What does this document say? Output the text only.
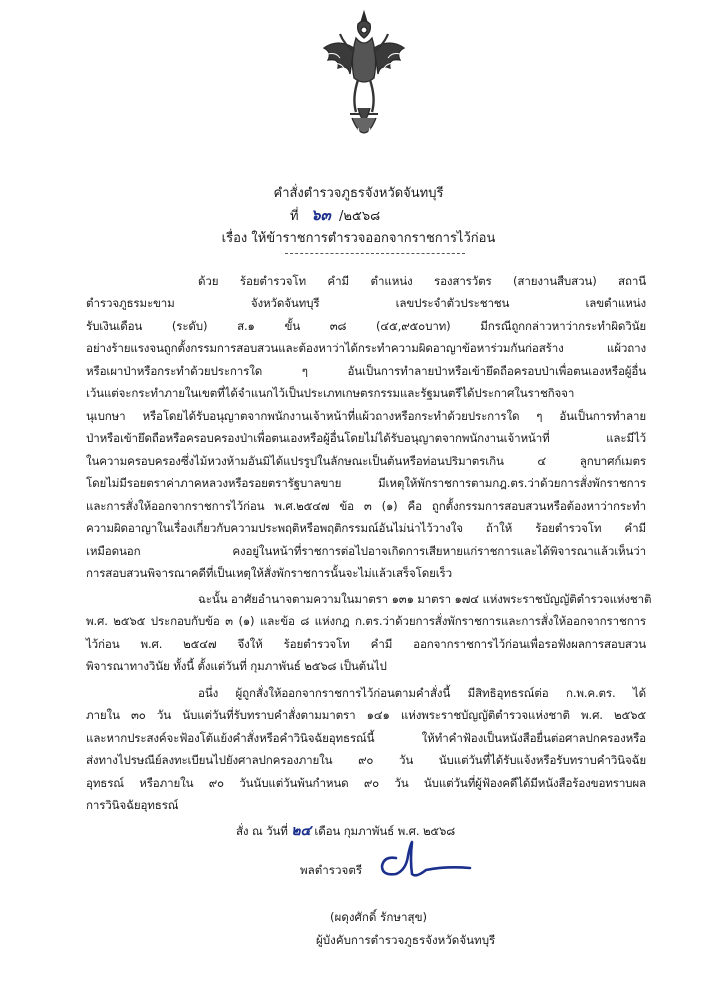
คำสั่งตำรวจภูธรจังหวัดจันทบุรี
ที่ ๖๓ /๒๕๖๘
เรื่อง ให้ข้าราชการตำรวจออกจากราชการไว้ก่อน
ด้วย ร้อยตำรวจโท คำมี ตำแหน่ง รองสารวัตร (สายงานสืบสวน) สถานี
ตำรวจภูธรมะขาม จังหวัดจันทบุรี เลขประจำตัวประชาชน เลขตำแหน่ง
รับเงินเดือน (ระดับ) ส.๑ ขั้น ๓๘ (๔๕,๙๕๐บาท) มีกรณีถูกกล่าวหาว่ากระทำผิดวินัย
อย่างร้ายแรงจนถูกตั้งกรรมการสอบสวนและต้องหาว่าได้กระทำความผิดอาญาข้อหาร่วมกันก่อสร้าง แผ้วถาง
หรือเผาป่าหรือกระทำด้วยประการใด ๆ อันเป็นการทำลายป่าหรือเข้ายึดถือครอบป่าเพื่อตนเองหรือผู้อื่น
เว้นแต่จะกระทำภายในเขตที่ได้จำแนกไว้เป็นประเภทเกษตรกรรมและรัฐมนตรีได้ประกาศในราชกิจจา
นุเบกษา หรือโดยได้รับอนุญาตจากพนักงานเจ้าหน้าที่แผ้วถางหรือกระทำด้วยประการใด ๆ อันเป็นการทำลาย
ป่าหรือเข้ายึดถือหรือครอบครองป่าเพื่อตนเองหรือผู้อื่นโดยไม่ได้รับอนุญาตจากพนักงานเจ้าหน้าที่ และมีไว้
ในความครอบครองซึ่งไม้หวงห้ามอันมิได้แปรรูปในลักษณะเป็นต้นหรือท่อนปริมาตรเกิน ๔ ลูกบาศก์เมตร
โดยไม่มีรอยตราค่าภาคหลวงหรือรอยตรารัฐบาลขาย มีเหตุให้พักราชการตามกฎ.ตร.ว่าด้วยการสั่งพักราชการ
และการสั่งให้ออกจากราชการไว้ก่อน พ.ศ.๒๕๔๗ ข้อ ๓ (๑) คือ ถูกตั้งกรรมการสอบสวนหรือต้องหาว่ากระทำ
ความผิดอาญาในเรื่องเกี่ยวกับความประพฤติหรือพฤติกรรมณ์อันไม่น่าไว้วางใจ ถ้าให้ ร้อยตำรวจโท คำมี
เหมือดนอก คงอยู่ในหน้าที่ราชการต่อไปอาจเกิดการเสียหายแก่ราชการและได้พิจารณาแล้วเห็นว่า
การสอบสวนพิจารณาคดีที่เป็นเหตุให้สั่งพักราชการนั้นจะไม่แล้วเสร็จโดยเร็ว
ฉะนั้น อาศัยอำนาจตามความในมาตรา ๑๓๑ มาตรา ๑๗๔ แห่งพระราชบัญญัติตำรวจแห่งชาติ
พ.ศ. ๒๕๖๕ ประกอบกับข้อ ๓ (๑) และข้อ ๘ แห่งกฎ ก.ตร.ว่าด้วยการสั่งพักราชการและการสั่งให้ออกจากราชการ
ไว้ก่อน พ.ศ. ๒๕๔๗ จึงให้ ร้อยตำรวจโท คำมี ออกจากราชการไว้ก่อนเพื่อรอฟังผลการสอบสวน
พิจารณาทางวินัย ทั้งนี้ ตั้งแต่วันที่ กุมภาพันธ์ ๒๕๖๘ เป็นต้นไป
อนึ่ง ผู้ถูกสั่งให้ออกจากราชการไว้ก่อนตามคำสั่งนี้ มีสิทธิอุทธรณ์ต่อ ก.พ.ค.ตร. ได้
ภายใน ๓๐ วัน นับแต่วันที่รับทราบคำสั่งตามมาตรา ๑๔๑ แห่งพระราชบัญญัติตำรวจแห่งชาติ พ.ศ. ๒๕๖๕
และหากประสงค์จะฟ้องโต้แย้งคำสั่งหรือคำวินิจฉัยอุทธรณ์นี้ ให้ทำคำฟ้องเป็นหนังสือยื่นต่อศาลปกครองหรือ
ส่งทางไปรษณีย์ลงทะเบียนไปยังศาลปกครองภายใน ๙๐ วัน นับแต่วันที่ได้รับแจ้งหรือรับทราบคำวินิจฉัย
อุทธรณ์ หรือภายใน ๙๐ วันนับแต่วันพ้นกำหนด ๙๐ วัน นับแต่วันที่ผู้ฟ้องคดีได้มีหนังสือร้องขอทราบผล
การวินิจฉัยอุทธรณ์
สั่ง ณ วันที่ ๒๔ เดือน กุมภาพันธ์ พ.ศ. ๒๕๖๘
พลตำรวจตรี
(ผดุงศักดิ์ รักษาสุข)
ผู้บังคับการตำรวจภูธรจังหวัดจันทบุรี
